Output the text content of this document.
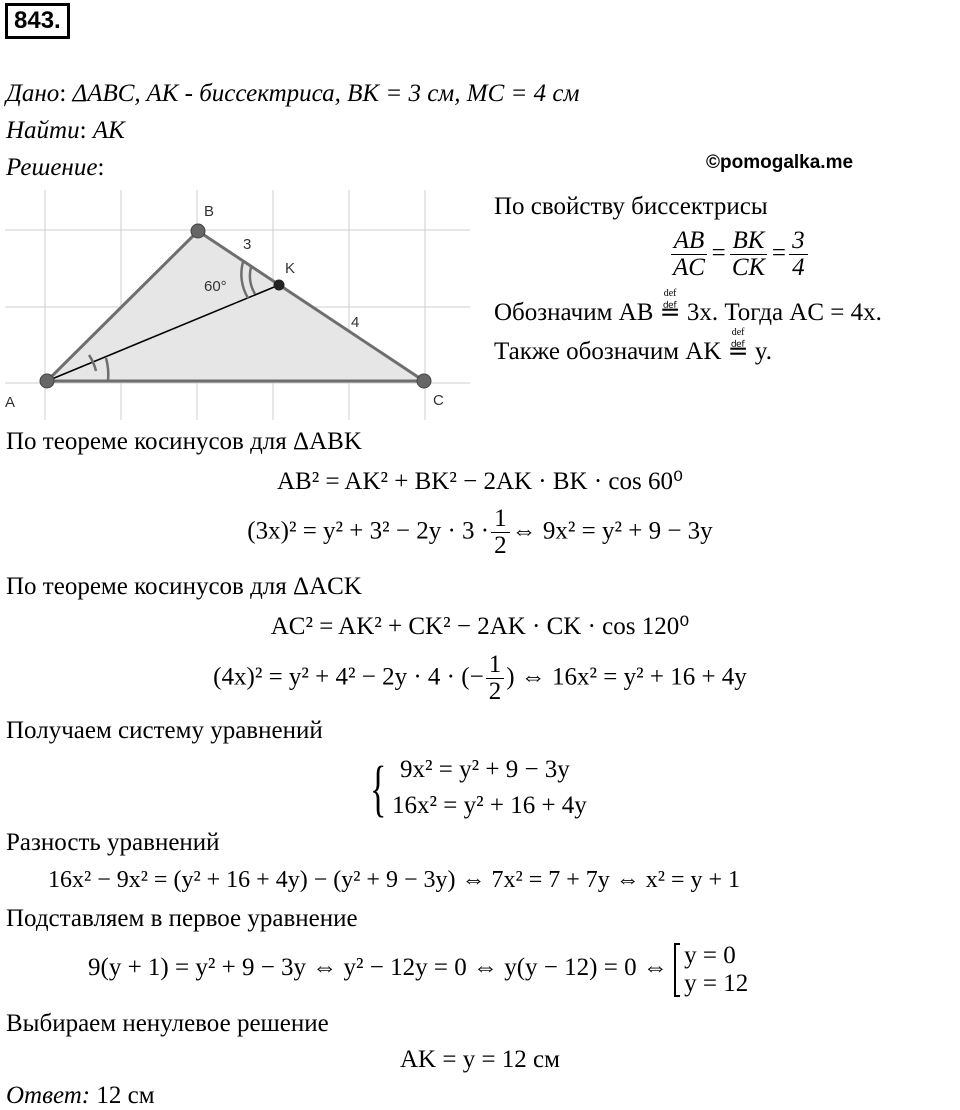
843.
Дано: ΔABC, AK - биссектриса, BK = 3 см, MC = 4 см
Найти: AK
Решение:	©pomogalka.me
A
B
C
K
3
4
60°
По свойству биссектрисы
$\frac{AB}{AC} = \frac{BK}{CK} = \frac{3}{4}$
Обозначим AB ≝
def
3x. Тогда AC = 4x.
Также обозначим AK ≝
def
y.
По теореме косинусов для ΔABK
AB² = AK² + BK² − 2AK · BK · cos 60⁰
$(3x)^2 = y^2 + 3^2 - 2y \cdot 3 \cdot \frac{1}{2}$ ⇔ 9x² = y² + 9 − 3y
По теореме косинусов для ΔACK
AC² = AK² + CK² − 2AK · CK · cos 120⁰
(4x)² = y² + 4² − 2y · 4 · (− $\frac{1}{2}$ ) ⇔ 16x² = y² + 16 + 4y
Получаем систему уравнений
{ 9x² = y² + 9 − 3y
16x² = y² + 16 + 4y
Разность уравнений
16x² − 9x² = (y² + 16 + 4y) − (y² + 9 − 3y) ⇔ 7x² = 7 + 7y ⇔ x² = y + 1
Подставляем в первое уравнение
9(y + 1) = y² + 9 − 3y ⇔ y² − 12y = 0 ⇔ y(y − 12) = 0 ⇔ y = 0
y = 12
Выбираем ненулевое решение
AK = y = 12 см
Ответ: 12 см
